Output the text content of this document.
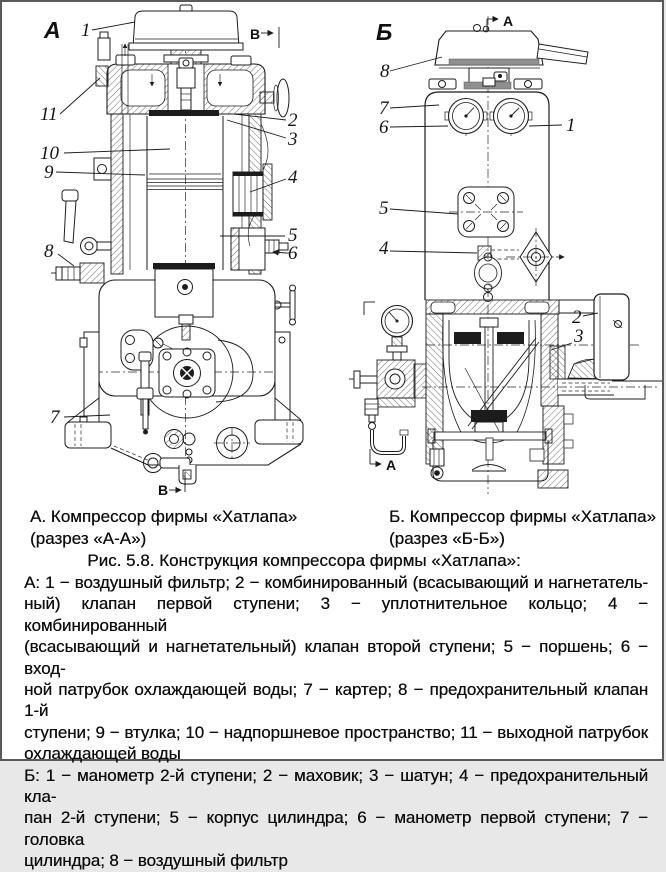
В
В
А 1
11
10
9
8
7
2
3
4
5
6
А
А
Б
8
7
6	1
5
4
2
3
А. Компрессор фирмы «Хатлапа»
(разрез «А-А»)
Б. Компрессор фирмы «Хатлапа»
(разрез «Б-Б»)
Рис. 5.8. Конструкция компрессора фирмы «Хатлапа»:
А: 1 − воздушный фильтр; 2 − комбинированный (всасывающий и нагнетатель-
ный) клапан первой ступени; 3 − уплотнительное кольцо; 4 − комбинированный
(всасывающий и нагнетательный) клапан второй ступени; 5 − поршень; 6 − вход-
ной патрубок охлаждающей воды; 7 − картер; 8 − предохранительный клапан 1-й
ступени; 9 − втулка; 10 − надпоршневое пространство; 11 − выходной патрубок
охлаждающей воды
Б: 1 − манометр 2-й ступени; 2 − маховик; 3 − шатун; 4 − предохранительный кла-
пан 2-й ступени; 5 − корпус цилиндра; 6 − манометр первой ступени; 7 − головка
цилиндра; 8 − воздушный фильтр
